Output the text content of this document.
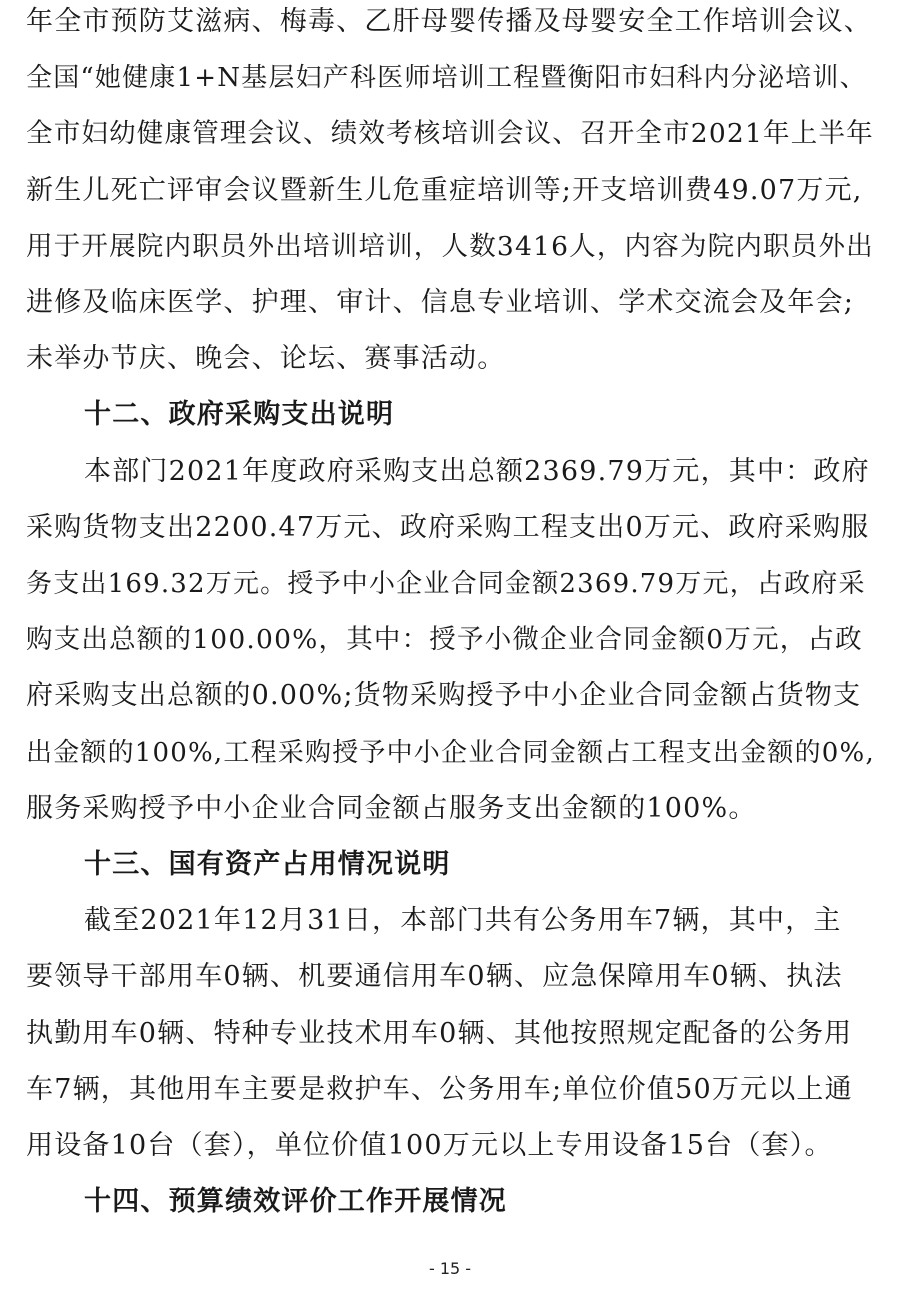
年全市预防艾滋病、梅毒、乙肝母婴传播及母婴安全工作培训会议、
全国“她健康1+N基层妇产科医师培训工程暨衡阳市妇科内分泌培训、
全市妇幼健康管理会议、绩效考核培训会议、召开全市2021年上半年
新生儿死亡评审会议暨新生儿危重症培训等;开支培训费49.07万元,
用于开展院内职员外出培训培训，人数3416人，内容为院内职员外出
进修及临床医学、护理、审计、信息专业培训、学术交流会及年会;
未举办节庆、晚会、论坛、赛事活动。
十二、政府采购支出说明
本部门2021年度政府采购支出总额2369.79万元，其中：政府
采购货物支出2200.47万元、政府采购工程支出0万元、政府采购服
务支出169.32万元。授予中小企业合同金额2369.79万元，占政府采
购支出总额的100.00%，其中：授予小微企业合同金额0万元，占政
府采购支出总额的0.00%;货物采购授予中小企业合同金额占货物支
出金额的100%,工程采购授予中小企业合同金额占工程支出金额的0%,
服务采购授予中小企业合同金额占服务支出金额的100%。
十三、国有资产占用情况说明
截至2021年12月31日，本部门共有公务用车7辆，其中，主
要领导干部用车0辆、机要通信用车0辆、应急保障用车0辆、执法
执勤用车0辆、特种专业技术用车0辆、其他按照规定配备的公务用
车7辆，其他用车主要是救护车、公务用车;单位价值50万元以上通
用设备10台（套），单位价值100万元以上专用设备15台（套）。
十四、预算绩效评价工作开展情况
- 15 -
